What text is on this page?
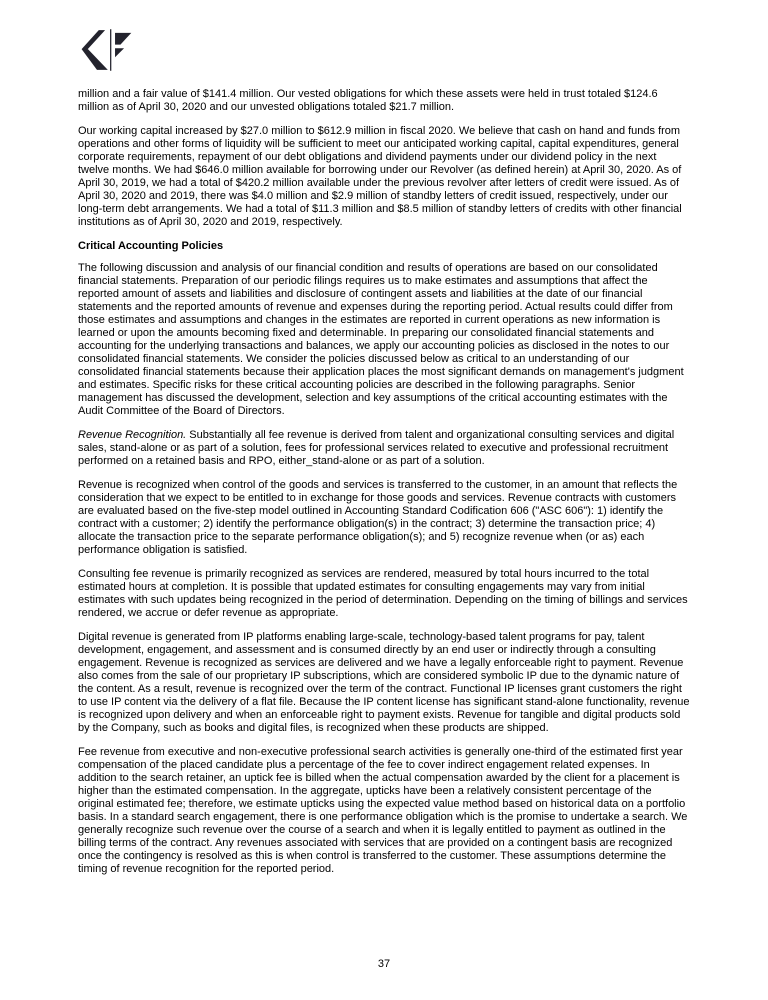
million and a fair value of $141.4 million. Our vested obligations for which these assets were held in trust totaled $124.6 million as of April 30, 2020 and our unvested obligations totaled $21.7 million.

Our working capital increased by $27.0 million to $612.9 million in fiscal 2020. We believe that cash on hand and funds from operations and other forms of liquidity will be sufficient to meet our anticipated working capital, capital expenditures, general corporate requirements, repayment of our debt obligations and dividend payments under our dividend policy in the next twelve months. We had $646.0 million available for borrowing under our Revolver (as defined herein) at April 30, 2020. As of April 30, 2019, we had a total of $420.2 million available under the previous revolver after letters of credit were issued. As of April 30, 2020 and 2019, there was $4.0 million and $2.9 million of standby letters of credit issued, respectively, under our long-term debt arrangements. We had a total of $11.3 million and $8.5 million of standby letters of credits with other financial institutions as of April 30, 2020 and 2019, respectively.

Critical Accounting Policies

The following discussion and analysis of our financial condition and results of operations are based on our consolidated financial statements. Preparation of our periodic filings requires us to make estimates and assumptions that affect the reported amount of assets and liabilities and disclosure of contingent assets and liabilities at the date of our financial statements and the reported amounts of revenue and expenses during the reporting period. Actual results could differ from those estimates and assumptions and changes in the estimates are reported in current operations as new information is learned or upon the amounts becoming fixed and determinable. In preparing our consolidated financial statements and accounting for the underlying transactions and balances, we apply our accounting policies as disclosed in the notes to our consolidated financial statements. We consider the policies discussed below as critical to an understanding of our consolidated financial statements because their application places the most significant demands on management's judgment and estimates. Specific risks for these critical accounting policies are described in the following paragraphs. Senior management has discussed the development, selection and key assumptions of the critical accounting estimates with the Audit Committee of the Board of Directors.

Revenue Recognition. Substantially all fee revenue is derived from talent and organizational consulting services and digital sales, stand-alone or as part of a solution, fees for professional services related to executive and professional recruitment performed on a retained basis and RPO, either_stand-alone or as part of a solution.

Revenue is recognized when control of the goods and services is transferred to the customer, in an amount that reflects the consideration that we expect to be entitled to in exchange for those goods and services. Revenue contracts with customers are evaluated based on the five-step model outlined in Accounting Standard Codification 606 ("ASC 606"): 1) identify the contract with a customer; 2) identify the performance obligation(s) in the contract; 3) determine the transaction price; 4) allocate the transaction price to the separate performance obligation(s); and 5) recognize revenue when (or as) each performance obligation is satisfied.

Consulting fee revenue is primarily recognized as services are rendered, measured by total hours incurred to the total estimated hours at completion. It is possible that updated estimates for consulting engagements may vary from initial estimates with such updates being recognized in the period of determination. Depending on the timing of billings and services rendered, we accrue or defer revenue as appropriate.

Digital revenue is generated from IP platforms enabling large-scale, technology-based talent programs for pay, talent development, engagement, and assessment and is consumed directly by an end user or indirectly through a consulting engagement. Revenue is recognized as services are delivered and we have a legally enforceable right to payment. Revenue also comes from the sale of our proprietary IP subscriptions, which are considered symbolic IP due to the dynamic nature of the content. As a result, revenue is recognized over the term of the contract. Functional IP licenses grant customers the right to use IP content via the delivery of a flat file. Because the IP content license has significant stand-alone functionality, revenue is recognized upon delivery and when an enforceable right to payment exists. Revenue for tangible and digital products sold by the Company, such as books and digital files, is recognized when these products are shipped.

Fee revenue from executive and non-executive professional search activities is generally one-third of the estimated first year compensation of the placed candidate plus a percentage of the fee to cover indirect engagement related expenses. In addition to the search retainer, an uptick fee is billed when the actual compensation awarded by the client for a placement is higher than the estimated compensation. In the aggregate, upticks have been a relatively consistent percentage of the original estimated fee; therefore, we estimate upticks using the expected value method based on historical data on a portfolio basis. In a standard search engagement, there is one performance obligation which is the promise to undertake a search. We generally recognize such revenue over the course of a search and when it is legally entitled to payment as outlined in the billing terms of the contract. Any revenues associated with services that are provided on a contingent basis are recognized once the contingency is resolved as this is when control is transferred to the customer. These assumptions determine the timing of revenue recognition for the reported period.

37
